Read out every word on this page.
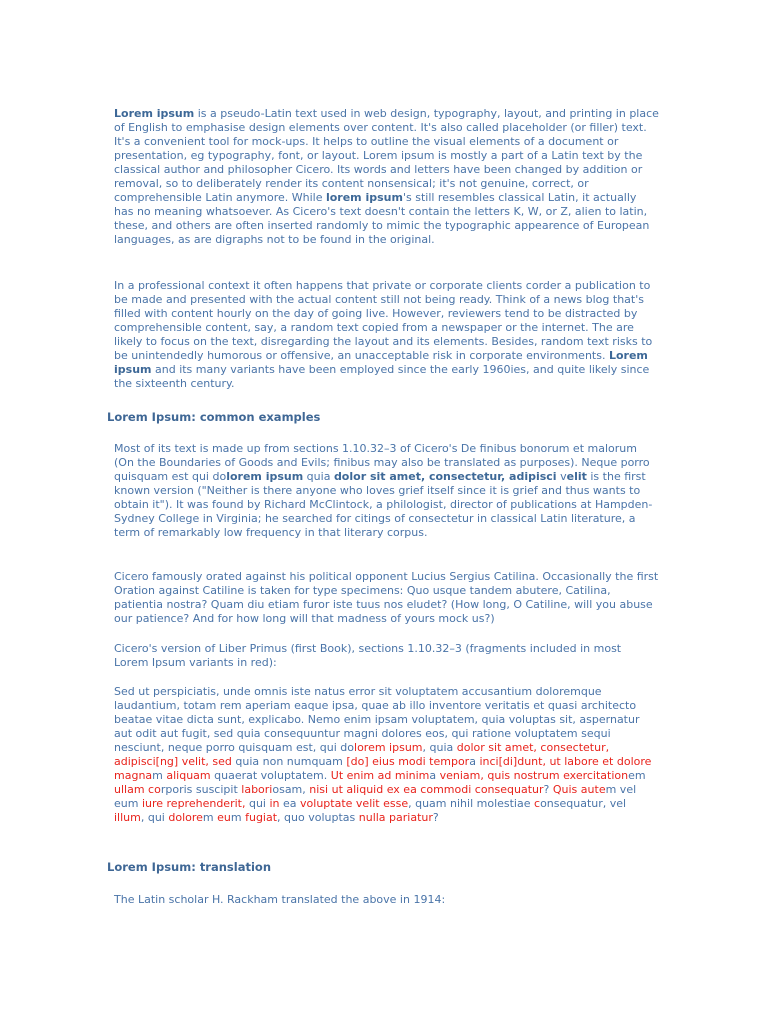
Lorem ipsum is a pseudo-Latin text used in web design, typography, layout, and printing in place of English to emphasise design elements over content. It's also called placeholder (or filler) text. It's a convenient tool for mock-ups. It helps to outline the visual elements of a document or presentation, eg typography, font, or layout. Lorem ipsum is mostly a part of a Latin text by the classical author and philosopher Cicero. Its words and letters have been changed by addition or removal, so to deliberately render its content nonsensical; it's not genuine, correct, or comprehensible Latin anymore. While lorem ipsum's still resembles classical Latin, it actually has no meaning whatsoever. As Cicero's text doesn't contain the letters K, W, or Z, alien to latin, these, and others are often inserted randomly to mimic the typographic appearence of European languages, as are digraphs not to be found in the original.

In a professional context it often happens that private or corporate clients corder a publication to be made and presented with the actual content still not being ready. Think of a news blog that's filled with content hourly on the day of going live. However, reviewers tend to be distracted by comprehensible content, say, a random text copied from a newspaper or the internet. The are likely to focus on the text, disregarding the layout and its elements. Besides, random text risks to be unintendedly humorous or offensive, an unacceptable risk in corporate environments. Lorem ipsum and its many variants have been employed since the early 1960ies, and quite likely since the sixteenth century.

Lorem Ipsum: common examples

Most of its text is made up from sections 1.10.32–3 of Cicero's De finibus bonorum et malorum (On the Boundaries of Goods and Evils; finibus may also be translated as purposes). Neque porro quisquam est qui dolorem ipsum quia dolor sit amet, consectetur, adipisci velit is the first known version ("Neither is there anyone who loves grief itself since it is grief and thus wants to obtain it"). It was found by Richard McClintock, a philologist, director of publications at Hampden-Sydney College in Virginia; he searched for citings of consectetur in classical Latin literature, a term of remarkably low frequency in that literary corpus.

Cicero famously orated against his political opponent Lucius Sergius Catilina. Occasionally the first Oration against Catiline is taken for type specimens: Quo usque tandem abutere, Catilina, patientia nostra? Quam diu etiam furor iste tuus nos eludet? (How long, O Catiline, will you abuse our patience? And for how long will that madness of yours mock us?)

Cicero's version of Liber Primus (first Book), sections 1.10.32–3 (fragments included in most Lorem Ipsum variants in red):

Sed ut perspiciatis, unde omnis iste natus error sit voluptatem accusantium doloremque laudantium, totam rem aperiam eaque ipsa, quae ab illo inventore veritatis et quasi architecto beatae vitae dicta sunt, explicabo. Nemo enim ipsam voluptatem, quia voluptas sit, aspernatur aut odit aut fugit, sed quia consequuntur magni dolores eos, qui ratione voluptatem sequi nesciunt, neque porro quisquam est, qui dolorem ipsum, quia dolor sit amet, consectetur, adipisci[ng] velit, sed quia non numquam [do] eius modi tempora inci[di]dunt, ut labore et dolore magnam aliquam quaerat voluptatem. Ut enim ad minima veniam, quis nostrum exercitationem ullam corporis suscipit laboriosam, nisi ut aliquid ex ea commodi consequatur? Quis autem vel eum iure reprehenderit, qui in ea voluptate velit esse, quam nihil molestiae consequatur, vel illum, qui dolorem eum fugiat, quo voluptas nulla pariatur?

Lorem Ipsum: translation

The Latin scholar H. Rackham translated the above in 1914:
